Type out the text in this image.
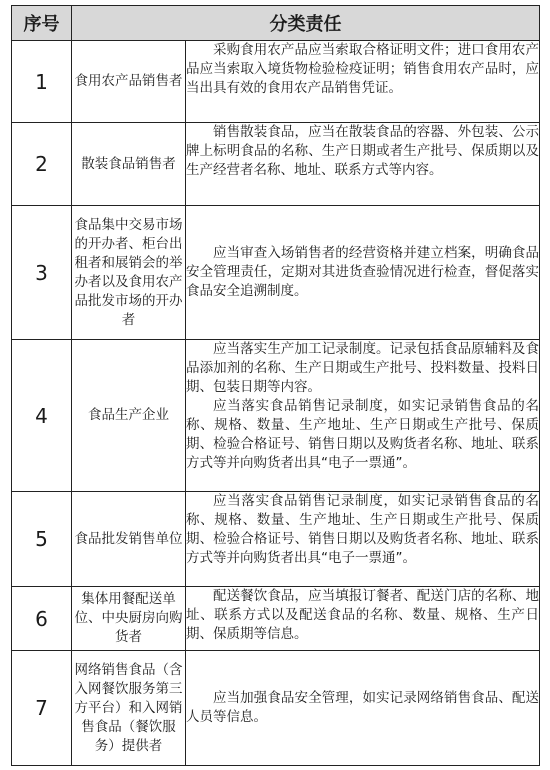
序号	分类责任	
1	食用农产品销售者	采购食用农产品应当索取合格证明文件；进口食用农产品应当索取入境货物检验检疫证明；销售食用农产品时，应当出具有效的食用农产品销售凭证。

2	散装食品销售者	销售散装食品，应当在散装食品的容器、外包装、公示牌上标明食品的名称、生产日期或者生产批号、保质期以及生产经营者名称、地址、联系方式等内容。

3	食品集中交易市场的开办者、柜台出租者和展销会的举办者以及食用农产品批发市场的开办者	应当审查入场销售者的经营资格并建立档案，明确食品安全管理责任，定期对其进货查验情况进行检查，督促落实食品安全追溯制度。

4	食品生产企业	应当落实生产加工记录制度。记录包括食品原辅料及食品添加剂的名称、生产日期或生产批号、投料数量、投料日期、包装日期等内容。

应当落实食品销售记录制度，如实记录销售食品的名称、规格、数量、生产地址、生产日期或生产批号、保质期、检验合格证号、销售日期以及购货者名称、地址、联系方式等并向购货者出具“电子一票通”。

5	食品批发销售单位	应当落实食品销售记录制度，如实记录销售食品的名称、规格、数量、生产地址、生产日期或生产批号、保质期、检验合格证号、销售日期以及购货者名称、地址、联系方式等并向购货者出具“电子一票通”。

6	集体用餐配送单位、中央厨房向购货者	配送餐饮食品，应当填报订餐者、配送门店的名称、地址、联系方式以及配送食品的名称、数量、规格、生产日期、保质期等信息。

7	网络销售食品（含入网餐饮服务第三方平台）和入网销售食品（餐饮服务）提供者	应当加强食品安全管理，如实记录网络销售食品、配送人员等信息。
